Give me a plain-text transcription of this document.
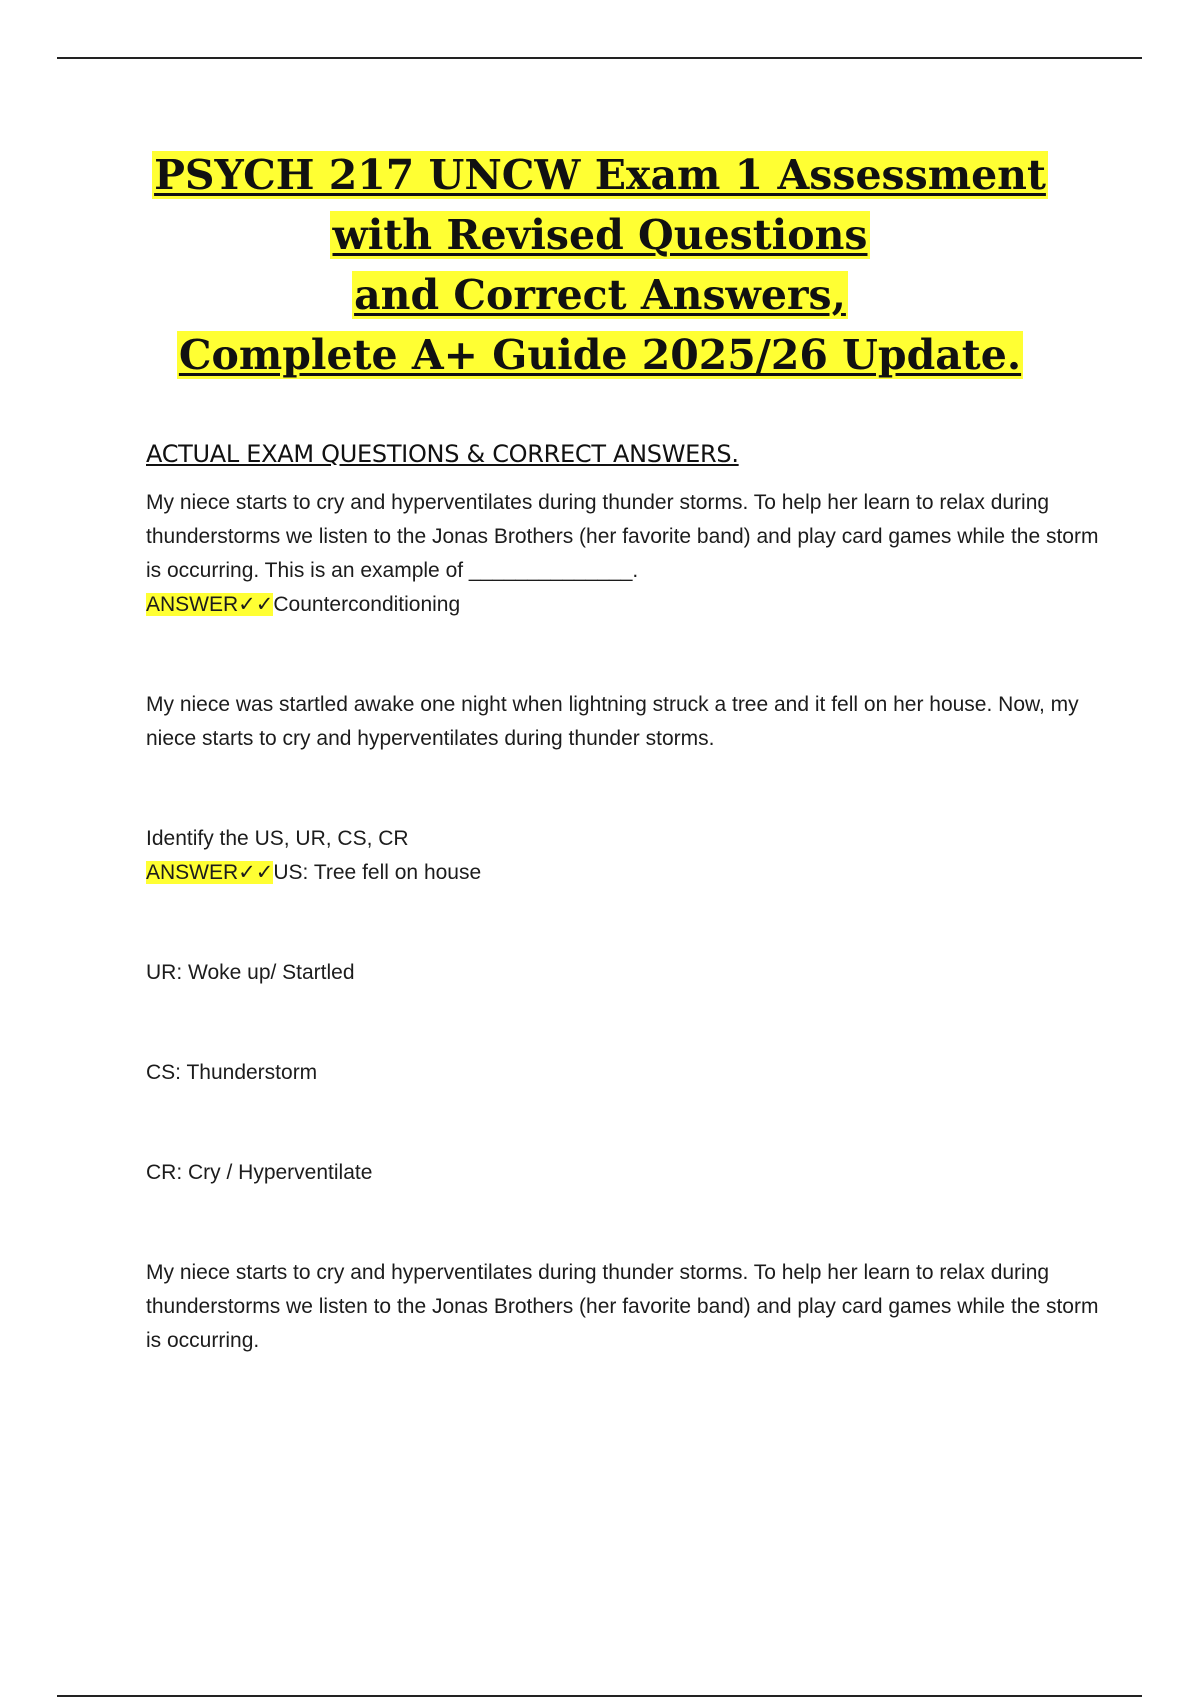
PSYCH 217 UNCW Exam 1 Assessment
with Revised Questions
and Correct Answers,
Complete A+ Guide 2025/26 Update.
ACTUAL EXAM QUESTIONS & CORRECT ANSWERS.

My niece starts to cry and hyperventilates during thunder storms. To help her learn to relax during thunderstorms we listen to the Jonas Brothers (her favorite band) and play card games while the storm is occurring. This is an example of ______________.

ANSWER✓✓Counterconditioning

My niece was startled awake one night when lightning struck a tree and it fell on her house. Now, my niece starts to cry and hyperventilates during thunder storms.

Identify the US, UR, CS, CR

ANSWER✓✓US: Tree fell on house

UR: Woke up/ Startled

CS: Thunderstorm

CR: Cry / Hyperventilate

My niece starts to cry and hyperventilates during thunder storms. To help her learn to relax during thunderstorms we listen to the Jonas Brothers (her favorite band) and play card games while the storm is occurring.
